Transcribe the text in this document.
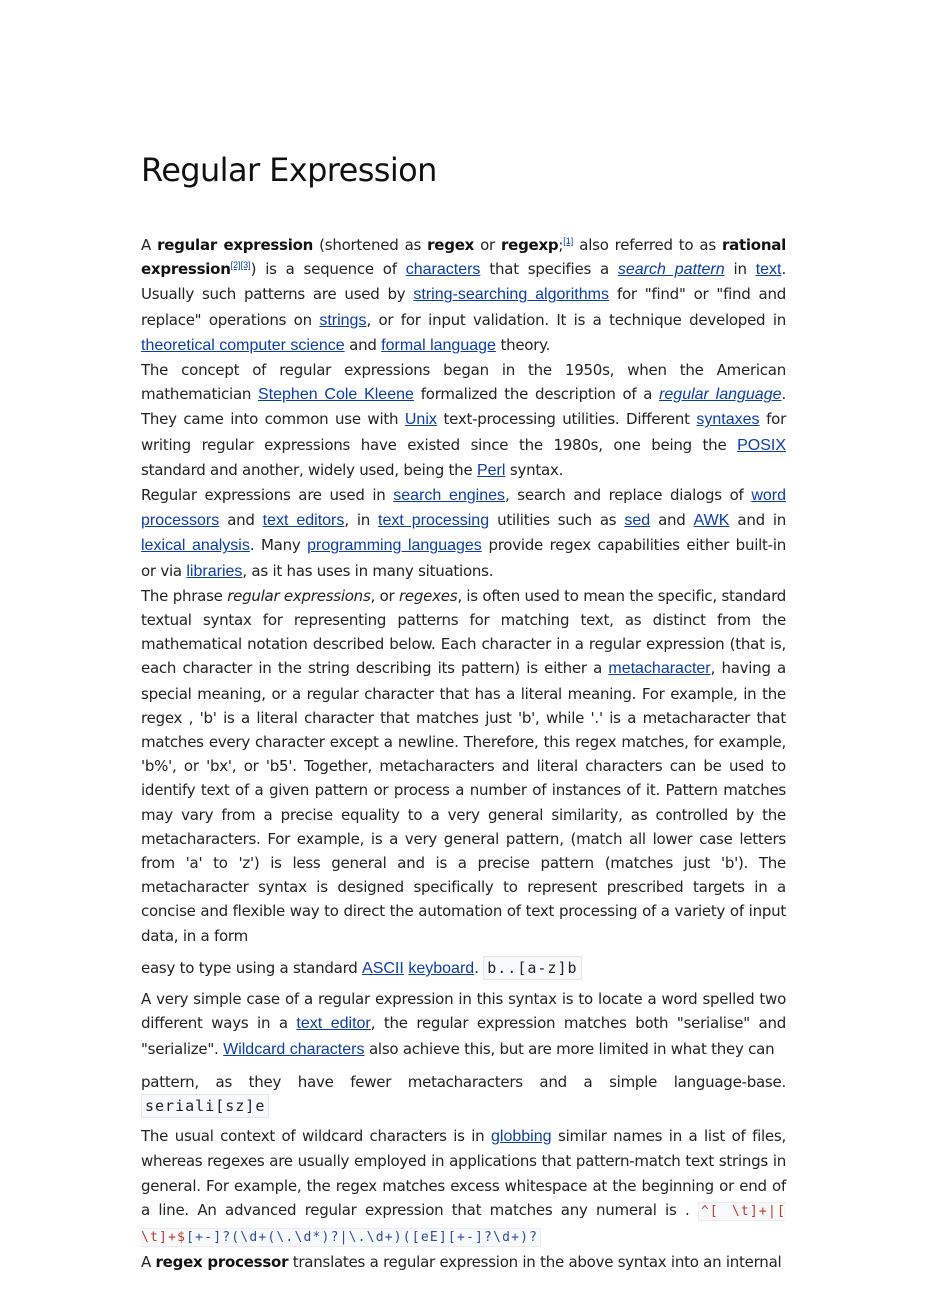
Regular Expression

A regular expression (shortened as regex or regexp;[1] also referred to as rational expression[2][3]) is a sequence of characters that specifies a search pattern in text. Usually such patterns are used by string-searching algorithms for "find" or "find and replace" operations on strings, or for input validation. It is a technique developed in theoretical computer science and formal language theory.

The concept of regular expressions began in the 1950s, when the American mathematician Stephen Cole Kleene formalized the description of a regular language. They came into common use with Unix text-processing utilities. Different syntaxes for writing regular expressions have existed since the 1980s, one being the POSIX standard and another, widely used, being the Perl syntax.

Regular expressions are used in search engines, search and replace dialogs of word processors and text editors, in text processing utilities such as sed and AWK and in lexical analysis. Many programming languages provide regex capabilities either built-in or via libraries, as it has uses in many situations.

The phrase regular expressions, or regexes, is often used to mean the specific, standard textual syntax for representing patterns for matching text, as distinct from the mathematical notation described below. Each character in a regular expression (that is, each character in the string describing its pattern) is either a metacharacter, having a special meaning, or a regular character that has a literal meaning. For example, in the regex , 'b' is a literal character that matches just 'b', while '.' is a metacharacter that matches every character except a newline. Therefore, this regex matches, for example, 'b%', or 'bx', or 'b5'. Together, metacharacters and literal characters can be used to identify text of a given pattern or process a number of instances of it. Pattern matches may vary from a precise equality to a very general similarity, as controlled by the metacharacters. For example, is a very general pattern, (match all lower case letters from 'a' to 'z') is less general and is a precise pattern (matches just 'b'). The metacharacter syntax is designed specifically to represent prescribed targets in a concise and flexible way to direct the automation of text processing of a variety of input data, in a form

easy to type using a standard ASCII keyboard. b..[a-z]b

A very simple case of a regular expression in this syntax is to locate a word spelled two different ways in a text editor, the regular expression matches both "serialise" and "serialize". Wildcard characters also achieve this, but are more limited in what they can

pattern, as they have fewer metacharacters and a simple language-base. seriali[sz]e

The usual context of wildcard characters is in globbing similar names in a list of files, whereas regexes are usually employed in applications that pattern-match text strings in general. For example, the regex matches excess whitespace at the beginning or end of a line. An advanced regular expression that matches any numeral is . ^[ \t]+|[ \t]+$[+-]?(\d+(\.\d*)?|\.\d+)([eE][+-]?\d+)?

A regex processor translates a regular expression in the above syntax into an internal
